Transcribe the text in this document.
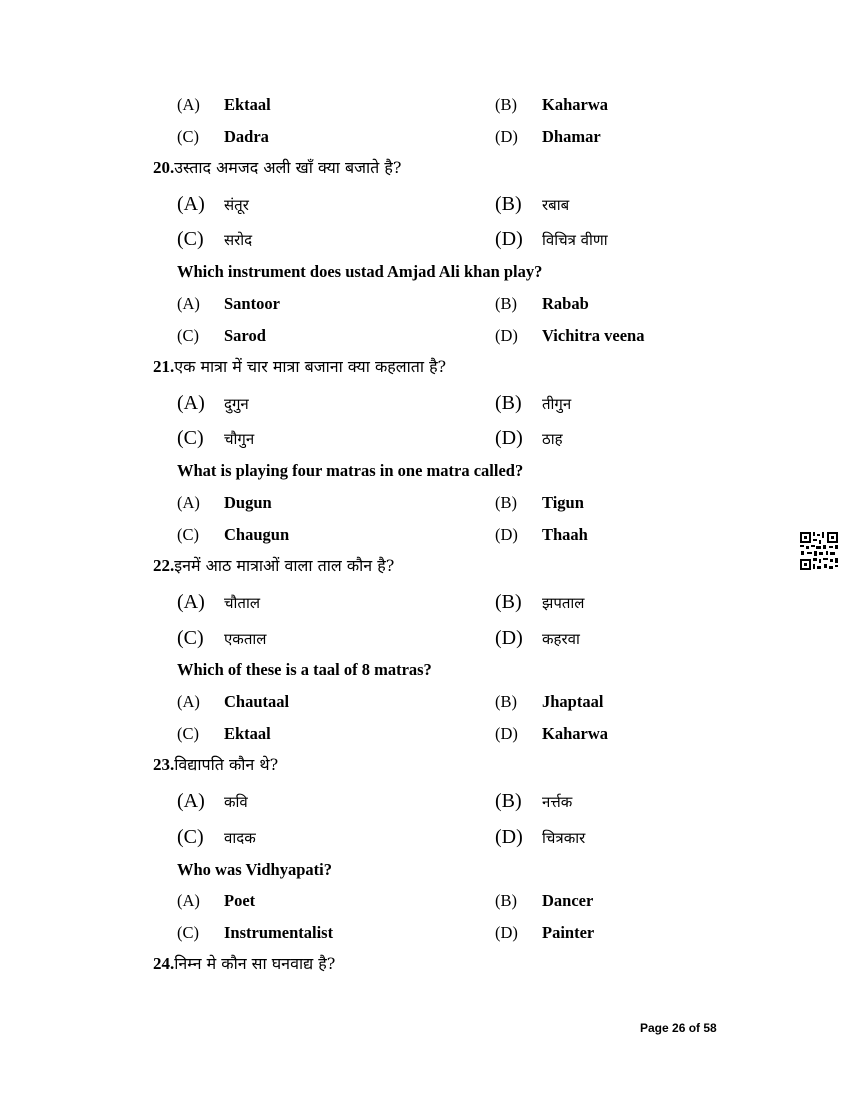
(A) Ektaal	(B) Kaharwa
(C) Dadra	(D) Dhamar
20.उस्ताद अमजद अली खाँ क्या बजाते है?
(A) संतूर	(B) रबाब
(C) सरोद	(D) विचित्र वीणा
Which instrument does ustad Amjad Ali khan play?
(A) Santoor	(B) Rabab
(C) Sarod	(D) Vichitra veena
21.एक मात्रा में चार मात्रा बजाना क्या कहलाता है?
(A) दुगुन	(B) तीगुन
(C) चौगुन	(D) ठाह
What is playing four matras in one matra called?
(A) Dugun	(B) Tigun
(C) Chaugun	(D) Thaah
22.इनमें आठ मात्राओं वाला ताल कौन है?
(A) चौताल	(B) झपताल
(C) एकताल	(D) कहरवा
Which of these is a taal of 8 matras?
(A) Chautaal	(B) Jhaptaal
(C) Ektaal	(D) Kaharwa
23.विद्यापति कौन थे?
(A) कवि	(B) नर्त्तक
(C) वादक	(D) चित्रकार
Who was Vidhyapati?
(A) Poet	(B) Dancer
(C) Instrumentalist	(D) Painter
24.निम्न मे कौन सा घनवाद्य है?
Page 26 of 58
